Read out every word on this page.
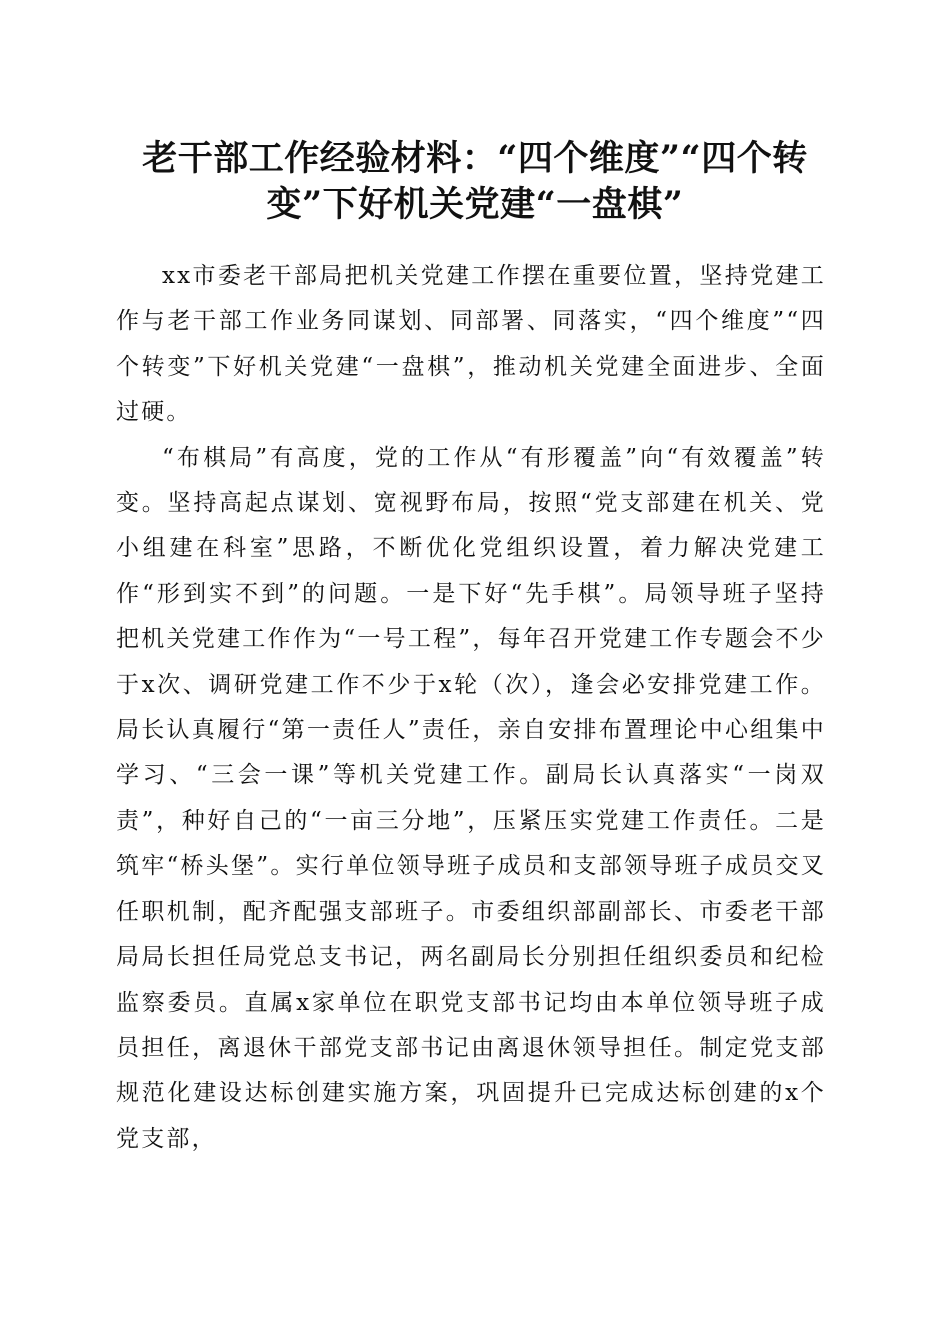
老干部工作经验材料：“四个维度”“四个转
变”下好机关党建“一盘棋”

xx市委老干部局把机关党建工作摆在重要位置，坚持党建工作与老干部工作业务同谋划、同部署、同落实，“四个维度”“四个转变”下好机关党建“一盘棋”，推动机关党建全面进步、全面过硬。

“布棋局”有高度，党的工作从“有形覆盖”向“有效覆盖”转变。坚持高起点谋划、宽视野布局，按照“党支部建在机关、党小组建在科室”思路，不断优化党组织设置，着力解决党建工作“形到实不到”的问题。一是下好“先手棋”。局领导班子坚持把机关党建工作作为“一号工程”，每年召开党建工作专题会不少于x次、调研党建工作不少于x轮（次），逢会必安排党建工作。局长认真履行“第一责任人”责任，亲自安排布置理论中心组集中学习、“三会一课”等机关党建工作。副局长认真落实“一岗双责”，种好自己的“一亩三分地”，压紧压实党建工作责任。二是筑牢“桥头堡”。实行单位领导班子成员和支部领导班子成员交叉任职机制，配齐配强支部班子。市委组织部副部长、市委老干部局局长担任局党总支书记，两名副局长分别担任组织委员和纪检监察委员。直属x家单位在职党支部书记均由本单位领导班子成员担任，离退休干部党支部书记由离退休领导担任。制定党支部规范化建设达标创建实施方案，巩固提升已完成达标创建的x个党支部，
